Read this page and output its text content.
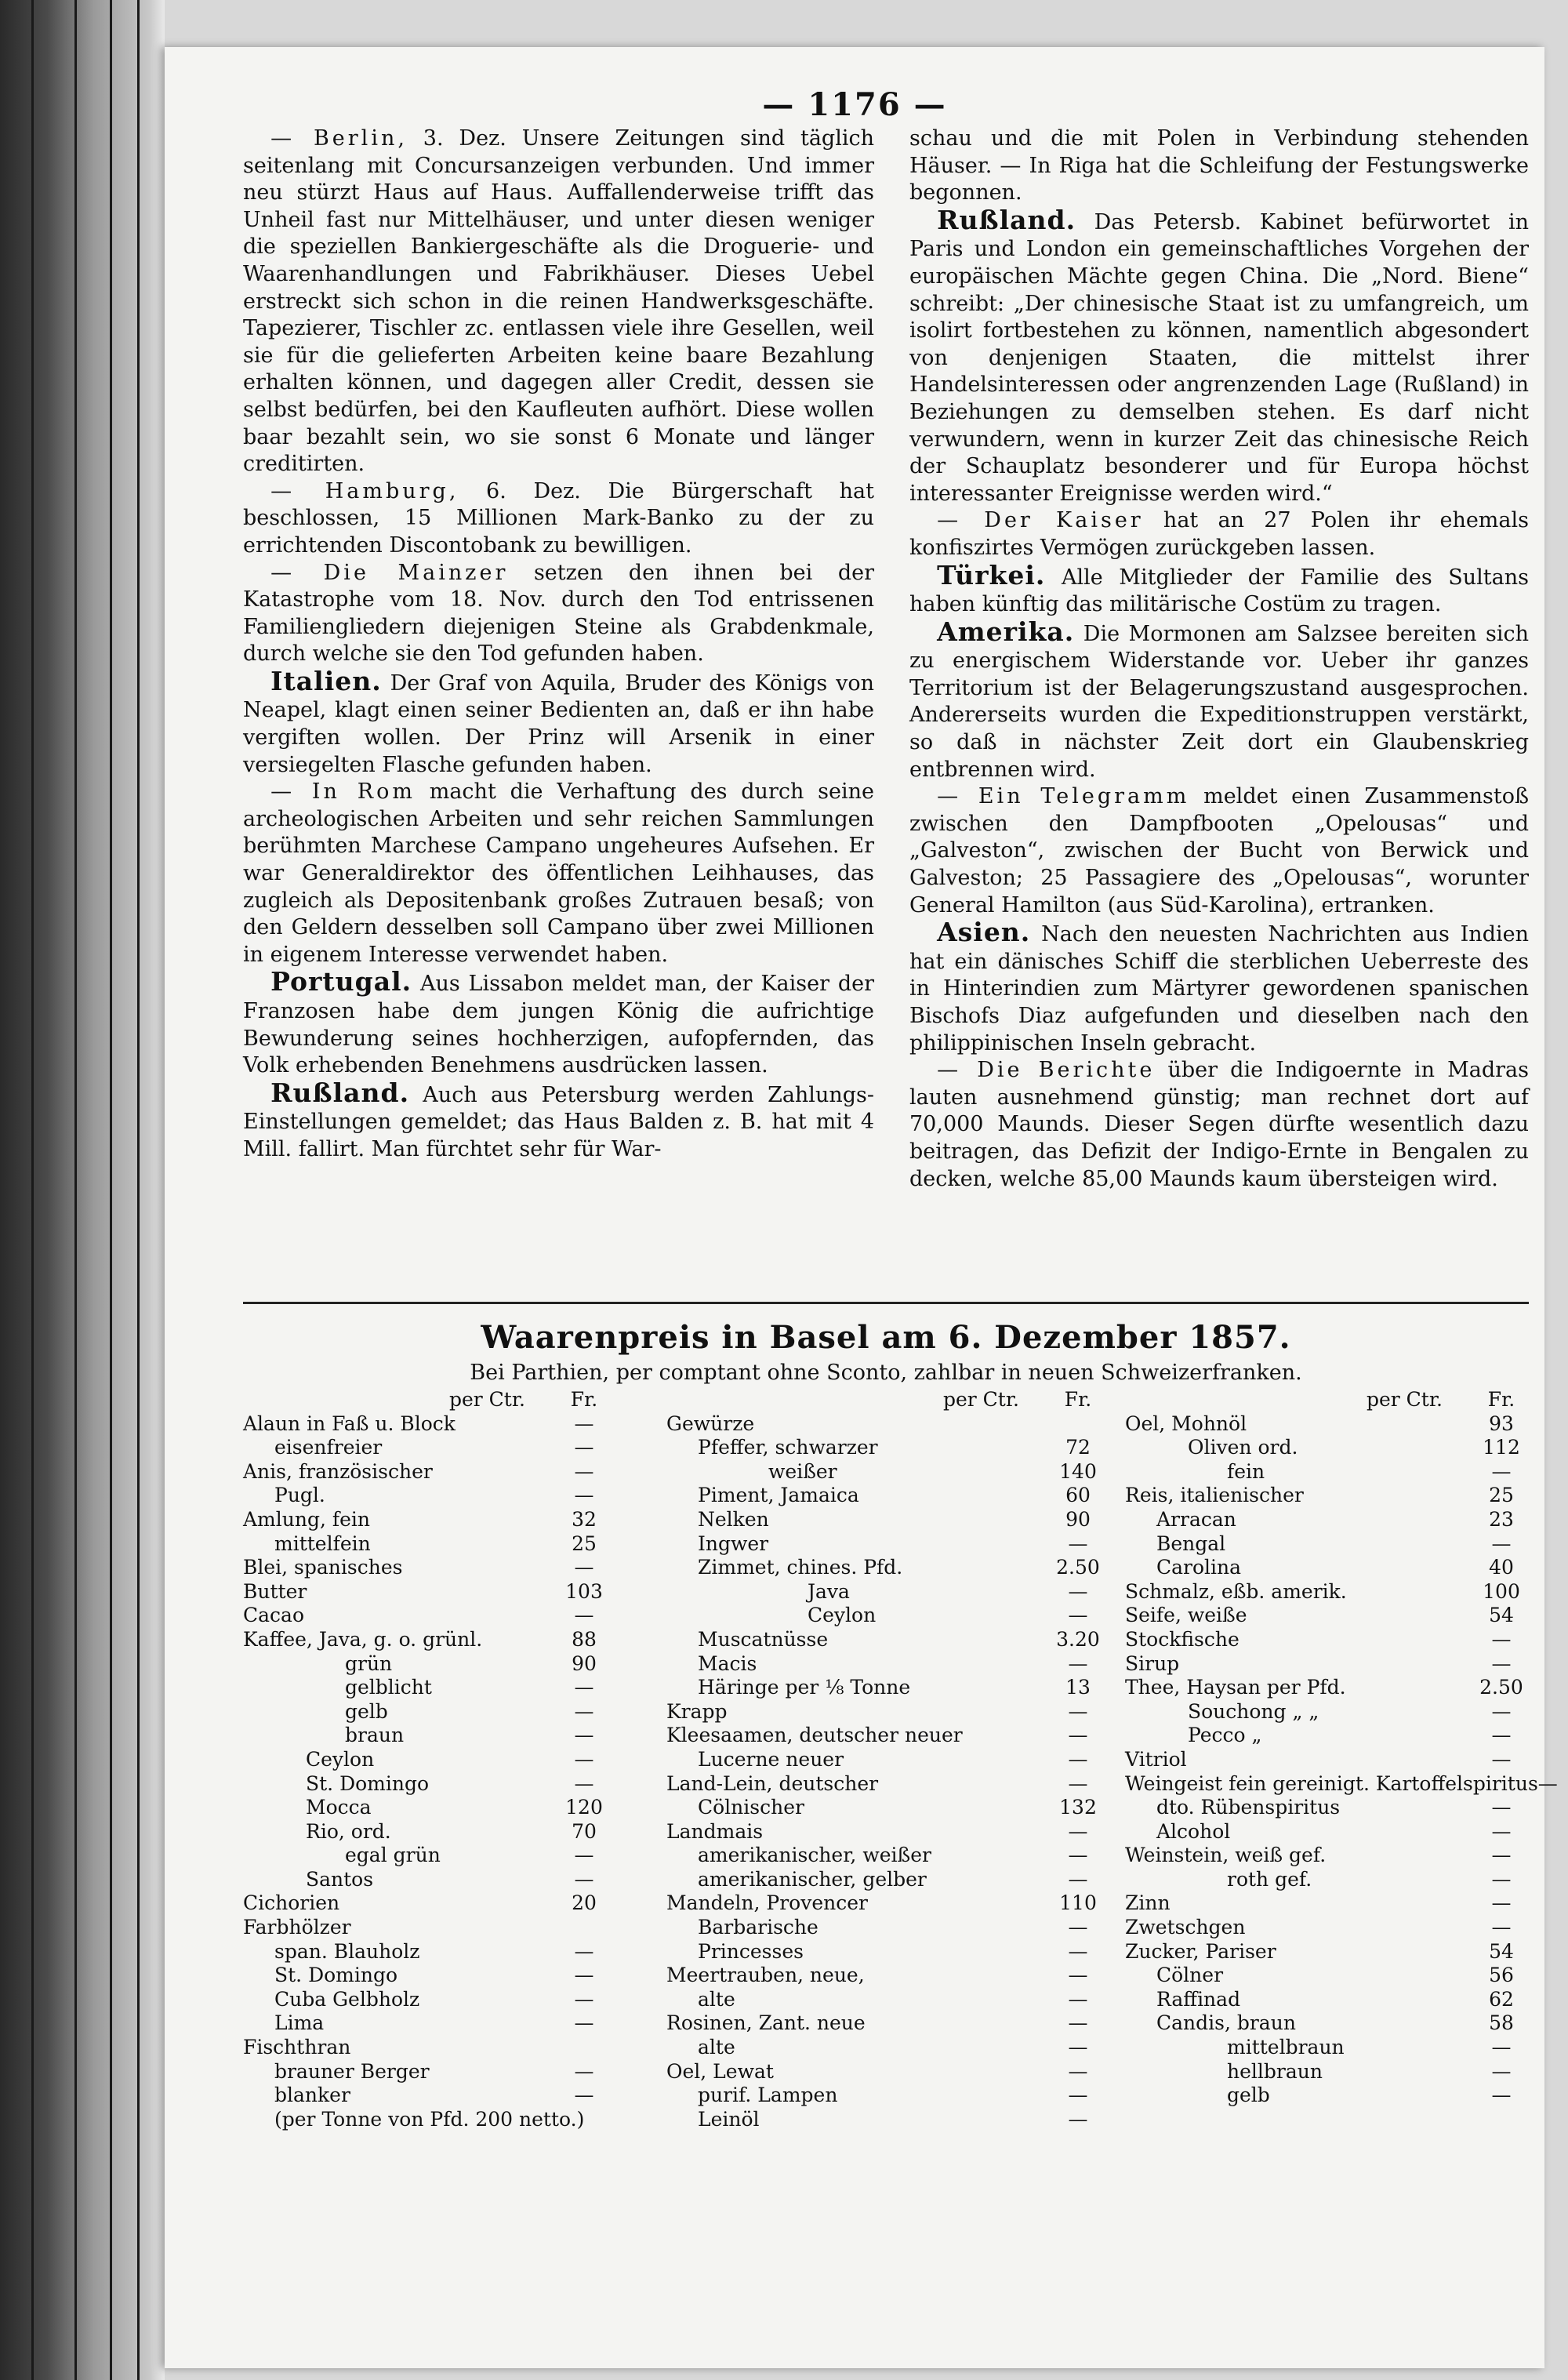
— 1176 —

— Berlin, 3. Dez. Unsere Zeitungen sind täglich seitenlang mit Concursanzeigen verbunden. Und immer neu stürzt Haus auf Haus. Auffallenderweise trifft das Unheil fast nur Mittelhäuser, und unter diesen weniger die speziellen Bankiergeschäfte als die Droguerie- und Waarenhandlungen und Fabrikhäuser. Dieses Uebel erstreckt sich schon in die reinen Handwerksgeschäfte. Tapezierer, Tischler zc. entlassen viele ihre Gesellen, weil sie für die gelieferten Arbeiten keine baare Bezahlung erhalten können, und dagegen aller Credit, dessen sie selbst bedürfen, bei den Kaufleuten aufhört. Diese wollen baar bezahlt sein, wo sie sonst 6 Monate und länger creditirten.

— Hamburg, 6. Dez. Die Bürgerschaft hat beschlossen, 15 Millionen Mark-Banko zu der zu errichtenden Discontobank zu bewilligen.

— Die Mainzer setzen den ihnen bei der Katastrophe vom 18. Nov. durch den Tod entrissenen Familiengliedern diejenigen Steine als Grabdenkmale, durch welche sie den Tod gefunden haben.

Italien. Der Graf von Aquila, Bruder des Königs von Neapel, klagt einen seiner Bedienten an, daß er ihn habe vergiften wollen. Der Prinz will Arsenik in einer versiegelten Flasche gefunden haben.

— In Rom macht die Verhaftung des durch seine archeologischen Arbeiten und sehr reichen Sammlungen berühmten Marchese Campano ungeheures Aufsehen. Er war Generaldirektor des öffentlichen Leihhauses, das zugleich als Depositenbank großes Zutrauen besaß; von den Geldern desselben soll Campano über zwei Millionen in eigenem Interesse verwendet haben.

Portugal. Aus Lissabon meldet man, der Kaiser der Franzosen habe dem jungen König die aufrichtige Bewunderung seines hochherzigen, aufopfernden, das Volk erhebenden Benehmens ausdrücken lassen.

Rußland. Auch aus Petersburg werden Zahlungs-Einstellungen gemeldet; das Haus Balden z. B. hat mit 4 Mill. fallirt. Man fürchtet sehr für War-

schau und die mit Polen in Verbindung stehenden Häuser. — In Riga hat die Schleifung der Festungswerke begonnen.

Rußland. Das Petersb. Kabinet befürwortet in Paris und London ein gemeinschaftliches Vorgehen der europäischen Mächte gegen China. Die „Nord. Biene“ schreibt: „Der chinesische Staat ist zu umfangreich, um isolirt fortbestehen zu können, namentlich abgesondert von denjenigen Staaten, die mittelst ihrer Handelsinteressen oder angrenzenden Lage (Rußland) in Beziehungen zu demselben stehen. Es darf nicht verwundern, wenn in kurzer Zeit das chinesische Reich der Schauplatz besonderer und für Europa höchst interessanter Ereignisse werden wird.“

— Der Kaiser hat an 27 Polen ihr ehemals konfiszirtes Vermögen zurückgeben lassen.

Türkei. Alle Mitglieder der Familie des Sultans haben künftig das militärische Costüm zu tragen.

Amerika. Die Mormonen am Salzsee bereiten sich zu energischem Widerstande vor. Ueber ihr ganzes Territorium ist der Belagerungszustand ausgesprochen. Andererseits wurden die Expeditionstruppen verstärkt, so daß in nächster Zeit dort ein Glaubenskrieg entbrennen wird.

— Ein Telegramm meldet einen Zusammenstoß zwischen den Dampfbooten „Opelousas“ und „Galveston“, zwischen der Bucht von Berwick und Galveston; 25 Passagiere des „Opelousas“, worunter General Hamilton (aus Süd-Karolina), ertranken.

Asien. Nach den neuesten Nachrichten aus Indien hat ein dänisches Schiff die sterblichen Ueberreste des in Hinterindien zum Märtyrer gewordenen spanischen Bischofs Diaz aufgefunden und dieselben nach den philippinischen Inseln gebracht.

— Die Berichte über die Indigoernte in Madras lauten ausnehmend günstig; man rechnet dort auf 70,000 Maunds. Dieser Segen dürfte wesentlich dazu beitragen, das Defizit der Indigo-Ernte in Bengalen zu decken, welche 85,00 Maunds kaum übersteigen wird.

Waarenpreis in Basel am 6. Dezember 1857.
Bei Parthien, per comptant ohne Sconto, zahlbar in neuen Schweizerfranken.
per Ctr.	Fr.
Alaun in Faß u. Block	—
eisenfreier	—
Anis, französischer	—
Pugl.	—
Amlung, fein	32
mittelfein	25
Blei, spanisches	—
Butter	103
Cacao	—
Kaffee, Java, g. o. grünl.	88
grün	90
gelblicht	—
gelb	—
braun	—
Ceylon	—
St. Domingo	—
Mocca	120
Rio, ord.	70
egal grün	—
Santos	—
Cichorien	20
Farbhölzer
span. Blauholz	—
St. Domingo	—
Cuba Gelbholz	—
Lima	—
Fischthran
brauner Berger	—
blanker	—
(per Tonne von Pfd. 200 netto.)
per Ctr.	Fr.
Gewürze
Pfeffer, schwarzer	72
weißer	140
Piment, Jamaica	60
Nelken	90
Ingwer	—
Zimmet, chines. Pfd.	2.50
Java	—
Ceylon	—
Muscatnüsse	3.20
Macis	—
Häringe per ⅛ Tonne	13
Krapp	—
Kleesaamen, deutscher neuer	—
Lucerne neuer	—
Land-Lein, deutscher	—
Cölnischer	132
Landmais	—
amerikanischer, weißer	—
amerikanischer, gelber	—
Mandeln, Provencer	110
Barbarische	—
Princesses	—
Meertrauben, neue,	—
alte	—
Rosinen, Zant. neue	—
alte	—
Oel, Lewat	—
purif. Lampen	—
Leinöl	—
per Ctr.	Fr.
Oel, Mohnöl	93
Oliven ord.	112
fein	—
Reis, italienischer	25
Arracan	23
Bengal	—
Carolina	40
Schmalz, eßb. amerik.	100
Seife, weiße	54
Stockfische	—
Sirup	—
Thee, Haysan per Pfd.	2.50
Souchong „ „	—
Pecco „	—
Vitriol	—
Weingeist fein gereinigt. Kartoffelspiritus —
dto. Rübenspiritus	—
Alcohol	—
Weinstein, weiß gef.	—
roth gef.	—
Zinn	—
Zwetschgen	—
Zucker, Pariser	54
Cölner	56
Raffinad	62
Candis, braun	58
mittelbraun	—
hellbraun	—
gelb	—
